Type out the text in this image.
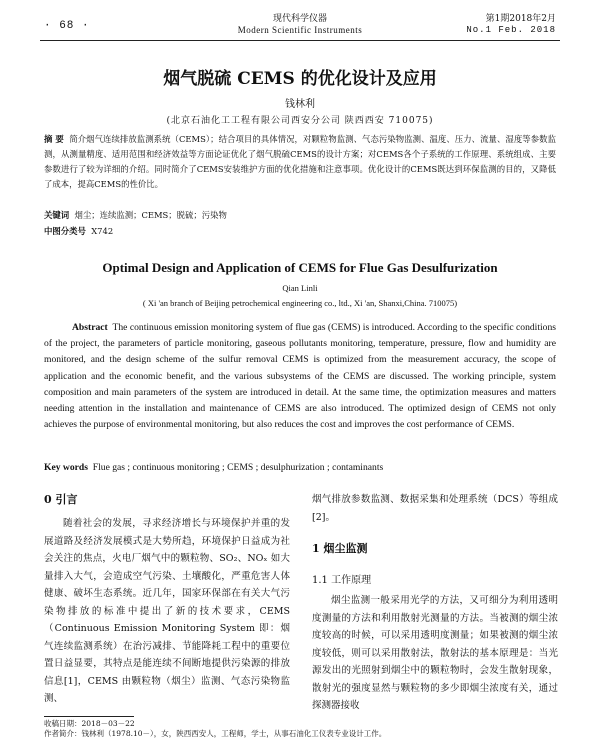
· 68 ·
现代科学仪器
Modern Scientific Instruments
第1期2018年2月
No.1 Feb. 2018
烟气脱硫 CEMS 的优化设计及应用
钱林利
(北京石油化工工程有限公司西安分公司 陕西西安 710075)
摘 要 简介烟气连续排放监测系统（CEMS）；结合项目的具体情况，对颗粒物监测、气态污染物监测、温度、压力、流量、湿度等参数监测，从测量精度、适用范围和经济效益等方面论证优化了烟气脱硫CEMS的设计方案；对CEMS各个子系统的工作原理、系统组成、主要参数进行了较为详细的介绍。同时简介了CEMS安装维护方面的优化措施和注意事项。优化设计的CEMS既达到环保监测的目的，又降低了成本，提高CEMS的性价比。
关键词 烟尘；连续监测；CEMS；脱硫；污染物
中图分类号 X742
Optimal Design and Application of CEMS for Flue Gas Desulfurization
Qian Linli
( Xi 'an branch of Beijing petrochemical engineering co., ltd., Xi 'an, Shanxi,China. 710075)
Abstract The continuous emission monitoring system of flue gas (CEMS) is introduced. According to the specific conditions of the project, the parameters of particle monitoring, gaseous pollutants monitoring, temperature, pressure, flow and humidity are monitored, and the design scheme of the sulfur removal CEMS is optimized from the measurement accuracy, the scope of application and the economic benefit, and the various subsystems of the CEMS are discussed. The working principle, system composition and main parameters of the system are introduced in detail. At the same time, the optimization measures and matters needing attention in the installation and maintenance of CEMS are also introduced. The optimized design of CEMS not only achieves the purpose of environmental monitoring, but also reduces the cost and improves the cost performance of CEMS.
Key words Flue gas ; continuous monitoring ; CEMS ; desulphurization ; contaminants
0 引言
随着社会的发展，寻求经济增长与环境保护并重的发展道路及经济发展模式是大势所趋，环境保护日益成为社会关注的焦点，火电厂烟气中的颗粒物、SO₂、NOₓ 如大量排入大气，会造成空气污染、土壤酸化，严重危害人体健康、破坏生态系统。近几年，国家环保部在有关大气污染物排放的标准中提出了新的技术要求，CEMS（Continuous Emission Monitoring System 即：烟气连续监测系统）在治污减排、节能降耗工程中的重要位置日益显要，其特点是能连续不间断地提供污染源的排放信息[1]，CEMS 由颗粒物（烟尘）监测、气态污染物监测、
烟气排放参数监测、数据采集和处理系统（DCS）等组成[2]。
1 烟尘监测
1.1 工作原理
烟尘监测一般采用光学的方法，又可细分为利用透明度测量的方法和利用散射光测量的方法。当被测的烟尘浓度较高的时候，可以采用透明度测量；如果被测的烟尘浓度较低，则可以采用散射法，散射法的基本原理是：当光源发出的光照射到烟尘中的颗粒物时，会发生散射现象，散射光的强度显然与颗粒物的多少即烟尘浓度有关，通过探测器接收
收稿日期：2018－03－22
作者简介：钱林利（1978.10－），女，陕西西安人，工程师，学士，从事石油化工仪表专业设计工作。
